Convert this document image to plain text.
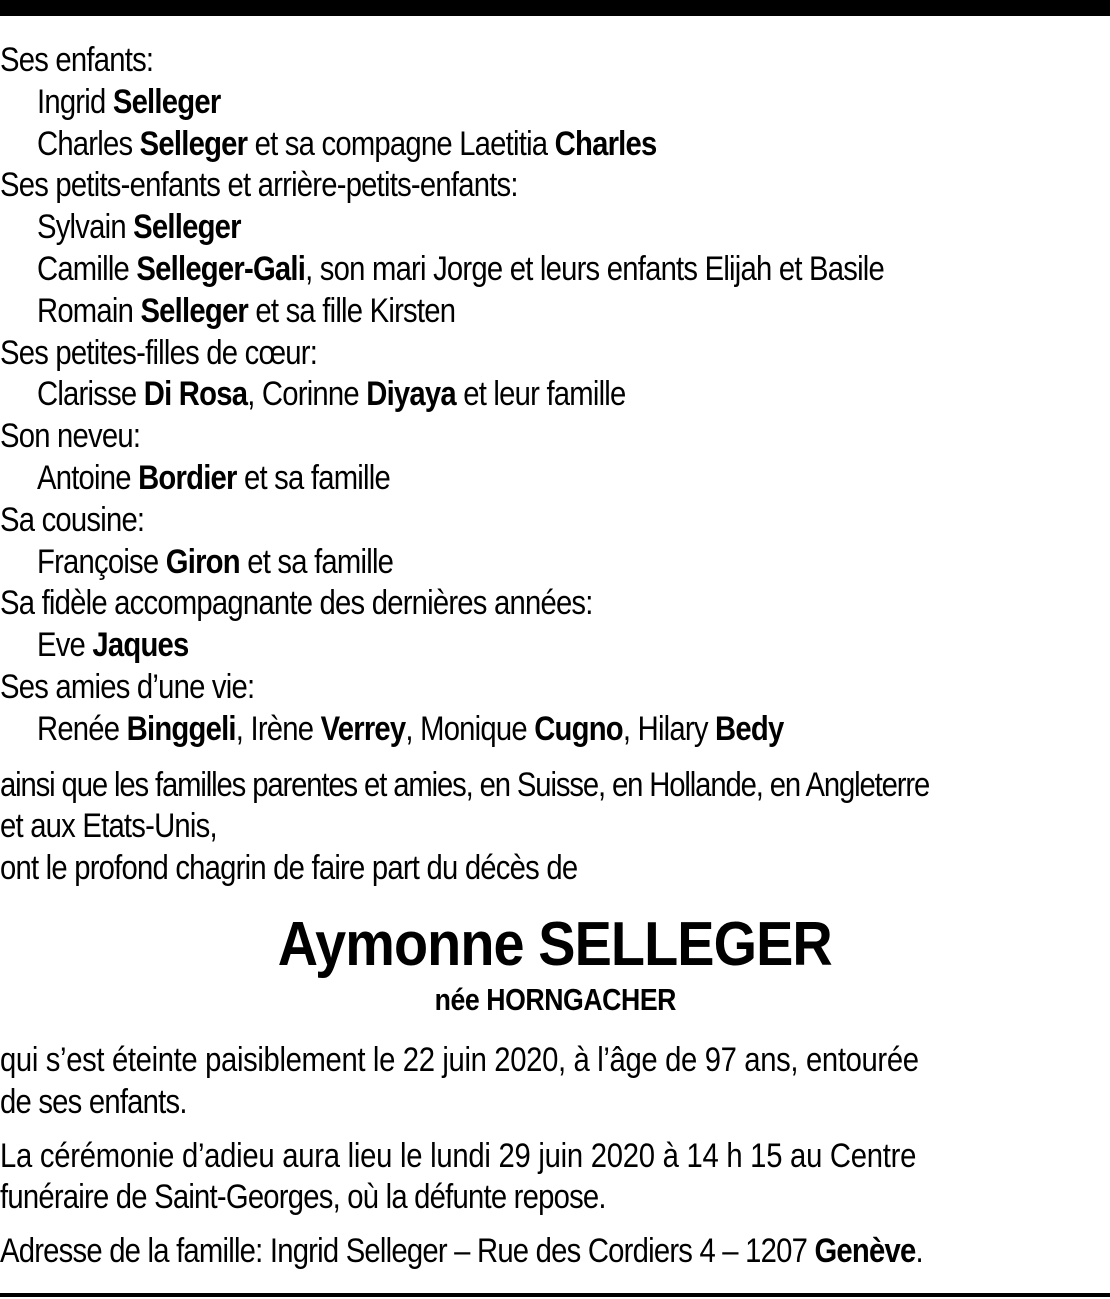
Ses enfants:
Ingrid Selleger
Charles Selleger et sa compagne Laetitia Charles
Ses petits-enfants et arrière-petits-enfants:
Sylvain Selleger
Camille Selleger-Gali, son mari Jorge et leurs enfants Elijah et Basile
Romain Selleger et sa fille Kirsten
Ses petites-filles de cœur:
Clarisse Di Rosa, Corinne Diyaya et leur famille
Son neveu:
Antoine Bordier et sa famille
Sa cousine:
Françoise Giron et sa famille
Sa fidèle accompagnante des dernières années:
Eve Jaques
Ses amies d’une vie:
Renée Binggeli, Irène Verrey, Monique Cugno, Hilary Bedy
ainsi que les familles parentes et amies, en Suisse, en Hollande, en Angleterre
et aux Etats-Unis,
ont le profond chagrin de faire part du décès de
Aymonne SELLEGER
née HORNGACHER
qui s’est éteinte paisiblement le 22 juin 2020, à l’âge de 97 ans, entourée
de ses enfants.
La cérémonie d’adieu aura lieu le lundi 29 juin 2020 à 14 h 15 au Centre
funéraire de Saint-Georges, où la défunte repose.
Adresse de la famille: Ingrid Selleger – Rue des Cordiers 4 – 1207 Genève.
